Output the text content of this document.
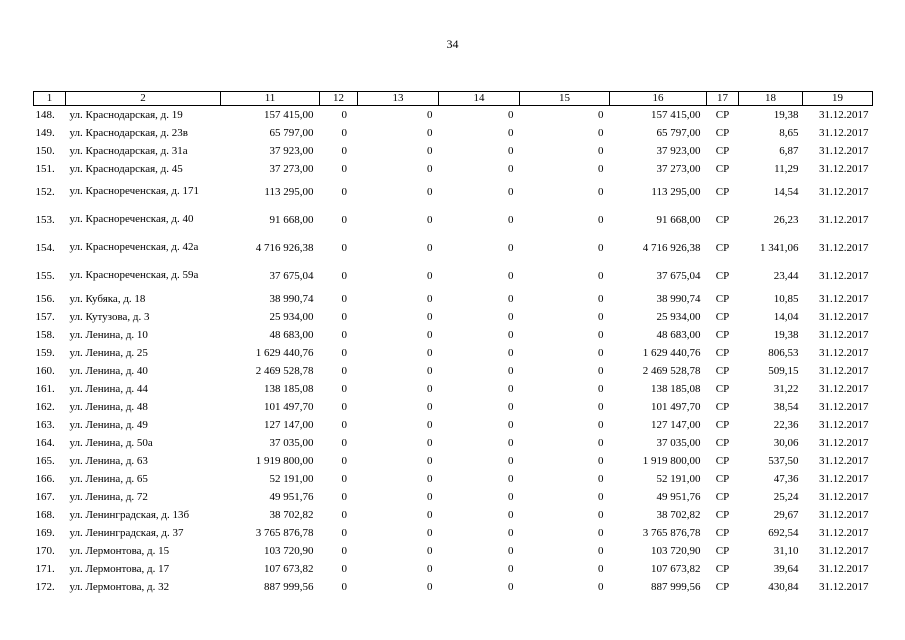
34
1	2	11	12	13	14	15	16	17	18	19
148.	ул. Краснодарская, д. 19	157 415,00	0	0	0	0	157 415,00	СР	19,38	31.12.2017
149.	ул. Краснодарская, д. 23в	65 797,00	0	0	0	0	65 797,00	СР	8,65	31.12.2017
150.	ул. Краснодарская, д. 31а	37 923,00	0	0	0	0	37 923,00	СР	6,87	31.12.2017
151.	ул. Краснодарская, д. 45	37 273,00	0	0	0	0	37 273,00	СР	11,29	31.12.2017
152.	ул. Краснореченская, д. 171	113 295,00	0	0	0	0	113 295,00	СР	14,54	31.12.2017
153.	ул. Краснореченская, д. 40	91 668,00	0	0	0	0	91 668,00	СР	26,23	31.12.2017
154.	ул. Краснореченская, д. 42а	4 716 926,38	0	0	0	0	4 716 926,38	СР	1 341,06	31.12.2017
155.	ул. Краснореченская, д. 59а	37 675,04	0	0	0	0	37 675,04	СР	23,44	31.12.2017
156.	ул. Кубяка, д. 18	38 990,74	0	0	0	0	38 990,74	СР	10,85	31.12.2017
157.	ул. Кутузова, д. 3	25 934,00	0	0	0	0	25 934,00	СР	14,04	31.12.2017
158.	ул. Ленина, д. 10	48 683,00	0	0	0	0	48 683,00	СР	19,38	31.12.2017
159.	ул. Ленина, д. 25	1 629 440,76	0	0	0	0	1 629 440,76	СР	806,53	31.12.2017
160.	ул. Ленина, д. 40	2 469 528,78	0	0	0	0	2 469 528,78	СР	509,15	31.12.2017
161.	ул. Ленина, д. 44	138 185,08	0	0	0	0	138 185,08	СР	31,22	31.12.2017
162.	ул. Ленина, д. 48	101 497,70	0	0	0	0	101 497,70	СР	38,54	31.12.2017
163.	ул. Ленина, д. 49	127 147,00	0	0	0	0	127 147,00	СР	22,36	31.12.2017
164.	ул. Ленина, д. 50а	37 035,00	0	0	0	0	37 035,00	СР	30,06	31.12.2017
165.	ул. Ленина, д. 63	1 919 800,00	0	0	0	0	1 919 800,00	СР	537,50	31.12.2017
166.	ул. Ленина, д. 65	52 191,00	0	0	0	0	52 191,00	СР	47,36	31.12.2017
167.	ул. Ленина, д. 72	49 951,76	0	0	0	0	49 951,76	СР	25,24	31.12.2017
168.	ул. Ленинградская, д. 13б	38 702,82	0	0	0	0	38 702,82	СР	29,67	31.12.2017
169.	ул. Ленинградская, д. 37	3 765 876,78	0	0	0	0	3 765 876,78	СР	692,54	31.12.2017
170.	ул. Лермонтова, д. 15	103 720,90	0	0	0	0	103 720,90	СР	31,10	31.12.2017
171.	ул. Лермонтова, д. 17	107 673,82	0	0	0	0	107 673,82	СР	39,64	31.12.2017
172.	ул. Лермонтова, д. 32	887 999,56	0	0	0	0	887 999,56	СР	430,84	31.12.2017
